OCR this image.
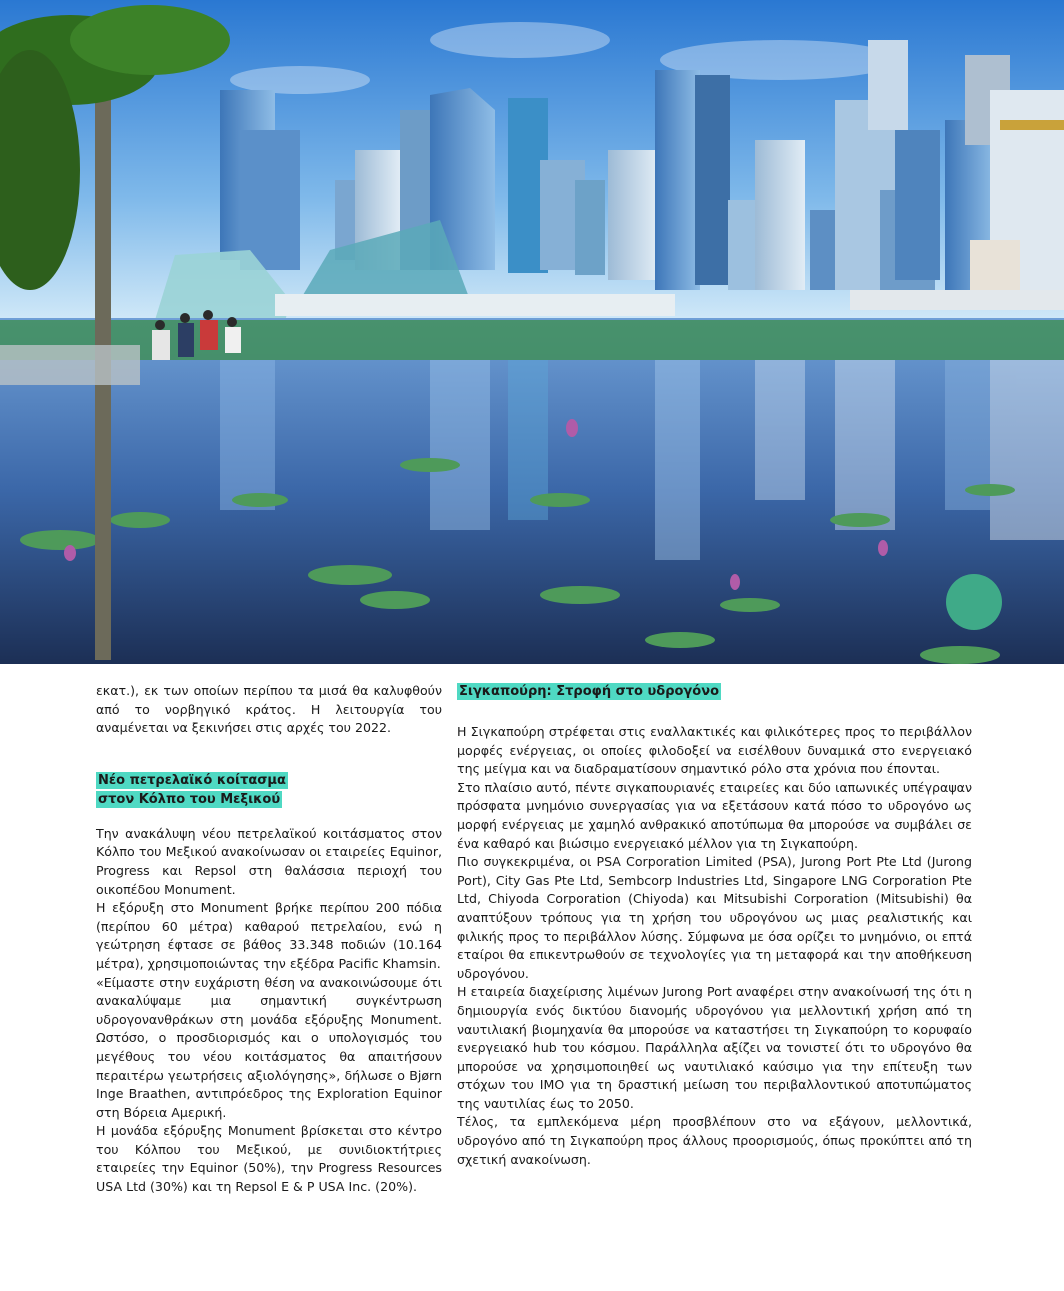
εκατ.), εκ των οποίων περίπου τα μισά θα καλυφθούν από το νορβηγικό κράτος. Η λειτουργία του αναμένεται να ξεκινήσει στις αρχές του 2022.

Νέο πετρελαϊκό κοίτασμα
στον Κόλπο του Μεξικού

Την ανακάλυψη νέου πετρελαϊκού κοιτάσματος στον Κόλπο του Μεξικού ανακοίνωσαν οι εταιρείες Equinor, Progress και Repsol στη θαλάσσια περιοχή του οικοπέδου Monument.

Η εξόρυξη στο Monument βρήκε περίπου 200 πόδια (περίπου 60 μέτρα) καθαρού πετρελαίου, ενώ η γεώτρηση έφτασε σε βάθος 33.348 ποδιών (10.164 μέτρα), χρησιμοποιώντας την εξέδρα Pacific Khamsin.

«Είμαστε στην ευχάριστη θέση να ανακοινώσουμε ότι ανακαλύψαμε μια σημαντική συγκέντρωση υδρογονανθράκων στη μονάδα εξόρυξης Monument. Ωστόσο, ο προσδιορισμός και ο υπολογισμός του μεγέθους του νέου κοιτάσματος θα απαιτήσουν περαιτέρω γεωτρήσεις αξιολόγησης», δήλωσε ο Bjørn Inge Braathen, αντιπρόεδρος της Exploration Equinor στη Βόρεια Αμερική.

Η μονάδα εξόρυξης Monument βρίσκεται στο κέντρο του Κόλπου του Μεξικού, με συνιδιοκτήτριες εταιρείες την Equinor (50%), την Progress Resources USA Ltd (30%) και τη Repsol E & P USA Inc. (20%).

Σιγκαπούρη: Στροφή στο υδρογόνο

Η Σιγκαπούρη στρέφεται στις εναλλακτικές και φιλικότερες προς το περιβάλλον μορφές ενέργειας, οι οποίες φιλοδοξεί να εισέλθουν δυναμικά στο ενεργειακό της μείγμα και να διαδραματίσουν σημαντικό ρόλο στα χρόνια που έπονται.

Στο πλαίσιο αυτό, πέντε σιγκαπουριανές εταιρείες και δύο ιαπωνικές υπέγραψαν πρόσφατα μνημόνιο συνεργασίας για να εξετάσουν κατά πόσο το υδρογόνο ως μορφή ενέργειας με χαμηλό ανθρακικό αποτύπωμα θα μπορούσε να συμβάλει σε ένα καθαρό και βιώσιμο ενεργειακό μέλλον για τη Σιγκαπούρη.

Πιο συγκεκριμένα, οι PSA Corporation Limited (PSA), Jurong Port Pte Ltd (Jurong Port), City Gas Pte Ltd, Sembcorp Industries Ltd, Singapore LNG Corporation Pte Ltd, Chiyoda Corporation (Chiyoda) και Mitsubishi Corporation (Mitsubishi) θα αναπτύξουν τρόπους για τη χρήση του υδρογόνου ως μιας ρεαλιστικής και φιλικής προς το περιβάλλον λύσης. Σύμφωνα με όσα ορίζει το μνημόνιο, οι επτά εταίροι θα επικεντρωθούν σε τεχνολογίες για τη μεταφορά και την αποθήκευση υδρογόνου.

Η εταιρεία διαχείρισης λιμένων Jurong Port αναφέρει στην ανακοίνωσή της ότι η δημιουργία ενός δικτύου διανομής υδρογόνου για μελλοντική χρήση από τη ναυτιλιακή βιομηχανία θα μπορούσε να καταστήσει τη Σιγκαπούρη το κορυφαίο ενεργειακό hub του κόσμου. Παράλληλα αξίζει να τονιστεί ότι το υδρογόνο θα μπορούσε να χρησιμοποιηθεί ως ναυτιλιακό καύσιμο για την επίτευξη των στόχων του IMO για τη δραστική μείωση του περιβαλλοντικού αποτυπώματος της ναυτιλίας έως το 2050.

Τέλος, τα εμπλεκόμενα μέρη προσβλέπουν στο να εξάγουν, μελλοντικά, υδρογόνο από τη Σιγκαπούρη προς άλλους προορισμούς, όπως προκύπτει από τη σχετική ανακοίνωση.
